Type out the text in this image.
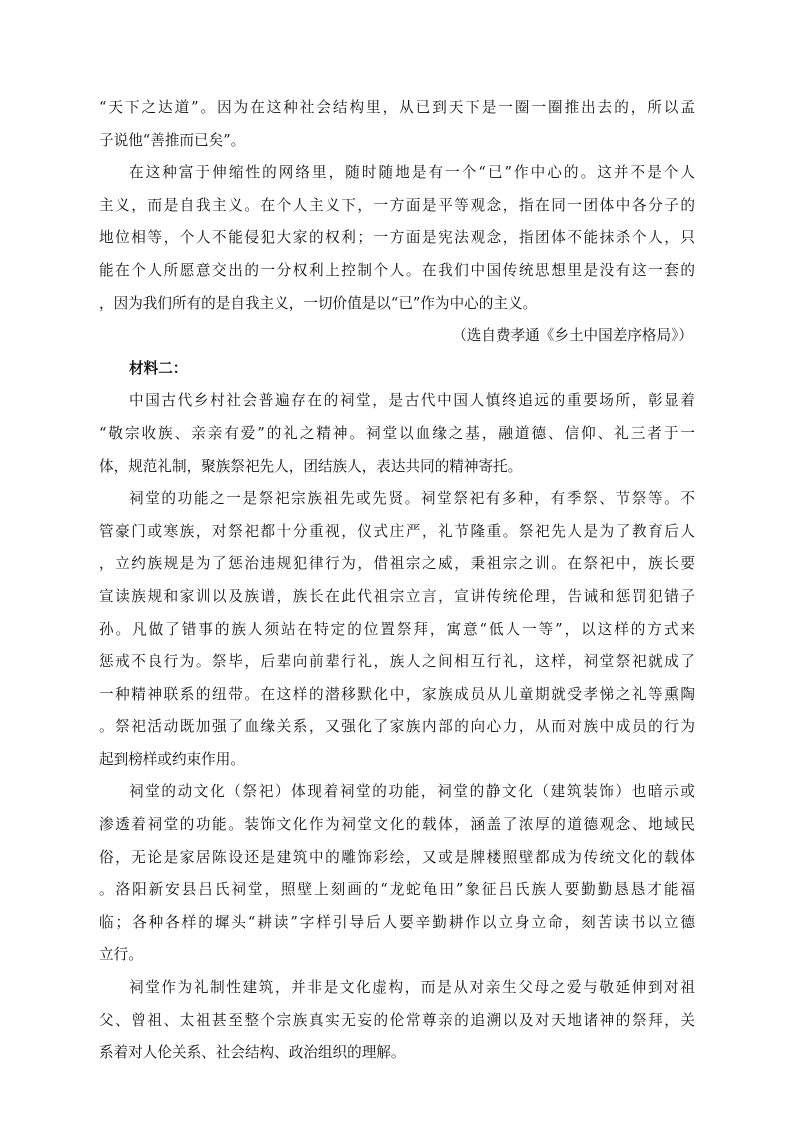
“天下之达道”。因为在这种社会结构里，从已到天下是一圈一圈推出去的，所以孟
子说他“善推而已矣”。
在这种富于伸缩性的网络里，随时随地是有一个“已”作中心的。这并不是个人
主义，而是自我主义。在个人主义下，一方面是平等观念，指在同一团体中各分子的
地位相等，个人不能侵犯大家的权利；一方面是宪法观念，指团体不能抹杀个人，只
能在个人所愿意交出的一分权利上控制个人。在我们中国传统思想里是没有这一套的
，因为我们所有的是自我主义，一切价值是以“已”作为中心的主义。
（选自费孝通《乡土中国差序格局》）
材料二：
中国古代乡村社会普遍存在的祠堂，是古代中国人慎终追远的重要场所，彰显着
“敬宗收族、亲亲有爱”的礼之精神。祠堂以血缘之基，融道德、信仰、礼三者于一
体，规范礼制，聚族祭祀先人，团结族人，表达共同的精神寄托。
祠堂的功能之一是祭祀宗族祖先或先贤。祠堂祭祀有多种，有季祭、节祭等。不
管豪门或寒族，对祭祀都十分重视，仪式庄严，礼节隆重。祭祀先人是为了教育后人
，立约族规是为了惩治违规犯律行为，借祖宗之威，秉祖宗之训。在祭祀中，族长要
宣读族规和家训以及族谱，族长在此代祖宗立言，宣讲传统伦理，告诫和惩罚犯错子
孙。凡做了错事的族人须站在特定的位置祭拜，寓意“低人一等”，以这样的方式来
惩戒不良行为。祭毕，后辈向前辈行礼，族人之间相互行礼，这样，祠堂祭祀就成了
一种精神联系的纽带。在这样的潜移默化中，家族成员从儿童期就受孝悌之礼等熏陶
。祭祀活动既加强了血缘关系，又强化了家族内部的向心力，从而对族中成员的行为
起到榜样或约束作用。
祠堂的动文化（祭祀）体现着祠堂的功能，祠堂的静文化（建筑装饰）也暗示或
渗透着祠堂的功能。装饰文化作为祠堂文化的载体，涵盖了浓厚的道德观念、地域民
俗，无论是家居陈设还是建筑中的雕饰彩绘，又或是牌楼照壁都成为传统文化的载体
。洛阳新安县吕氏祠堂，照壁上刻画的“龙蛇龟田”象征吕氏族人要勤勤恳恳才能福
临；各种各样的墀头“耕读”字样引导后人要辛勤耕作以立身立命，刻苦读书以立德
立行。
祠堂作为礼制性建筑，并非是文化虚构，而是从对亲生父母之爱与敬延伸到对祖
父、曾祖、太祖甚至整个宗族真实无妄的伦常尊亲的追溯以及对天地诸神的祭拜，关
系着对人伦关系、社会结构、政治组织的理解。
